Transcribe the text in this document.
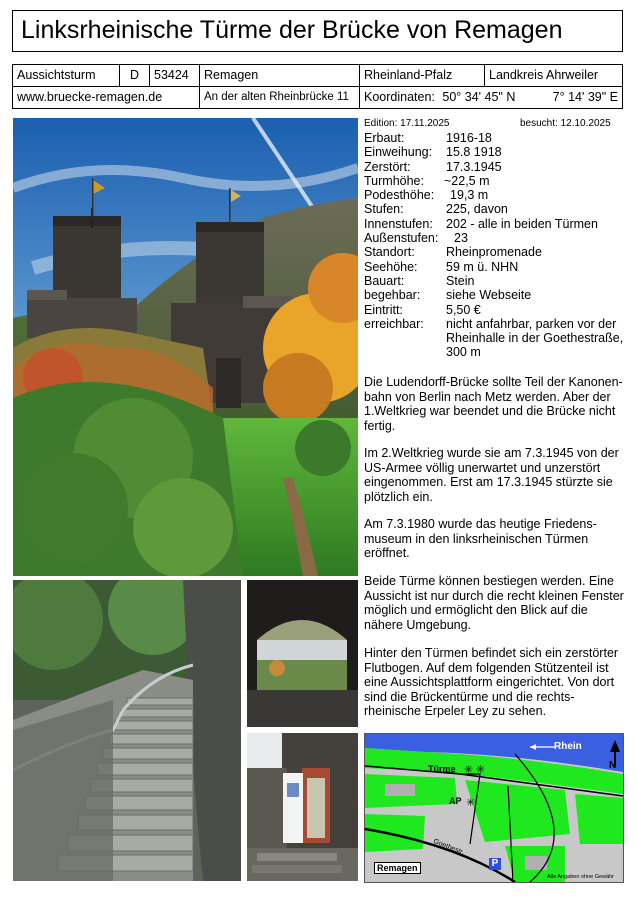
Linksrheinische Türme der Brücke von Remagen
Aussichtsturm	D	53424	Remagen	Rheinland-Pfalz	Landkreis Ahrweiler
www.bruecke-remagen.de	An der alten Rheinbrücke 11	Koordinaten: 50° 34' 45" N	7° 14' 39" E
Edition: 17.11.2025	besucht: 12.10.2025
Erbaut:	1916-18
Einweihung: 15.8 1918
Zerstört:	17.3.1945
Turmhöhe: ~22,5 m
Podesthöhe: 19,3 m
Stufen:	225, davon
Innenstufen: 202 - alle in beiden Türmen
Außenstufen: 23
Standort:	Rheinpromenade
Seehöhe: 59 m ü. NHN
Bauart:	Stein
begehbar: siehe Webseite
Eintritt:	5,50 €
erreichbar: nicht anfahrbar, parken vor der
Rheinhalle in der Goethestraße,
300 m
Die Ludendorff-Brücke sollte Teil der Kanonen-bahn von Berlin nach Metz werden. Aber der 1.Weltkrieg war beendet und die Brücke nicht fertig.
Im 2.Weltkrieg wurde sie am 7.3.1945 von der US-Armee völlig unerwartet und unzerstört eingenommen. Erst am 17.3.1945 stürzte sie plötzlich ein.
Am 7.3.1980 wurde das heutige Friedens-museum in den linksrheinischen Türmen eröffnet.
Beide Türme können bestiegen werden. Eine Aussicht ist nur durch die recht kleinen Fenster möglich und ermöglicht den Blick auf die nähere Umgebung.
Hinter den Türmen befindet sich ein zerstörter Flutbogen. Auf dem folgenden Stützenteil ist eine Aussichtsplattform eingerichtet. Von dort sind die Brückentürme und die rechts-rheinische Erpeler Ley zu sehen.
✳ ✳
✳
Rhein
N
Türme
AP
Goethestr.
P
Remagen
Alle Angaben ohne Gewähr
